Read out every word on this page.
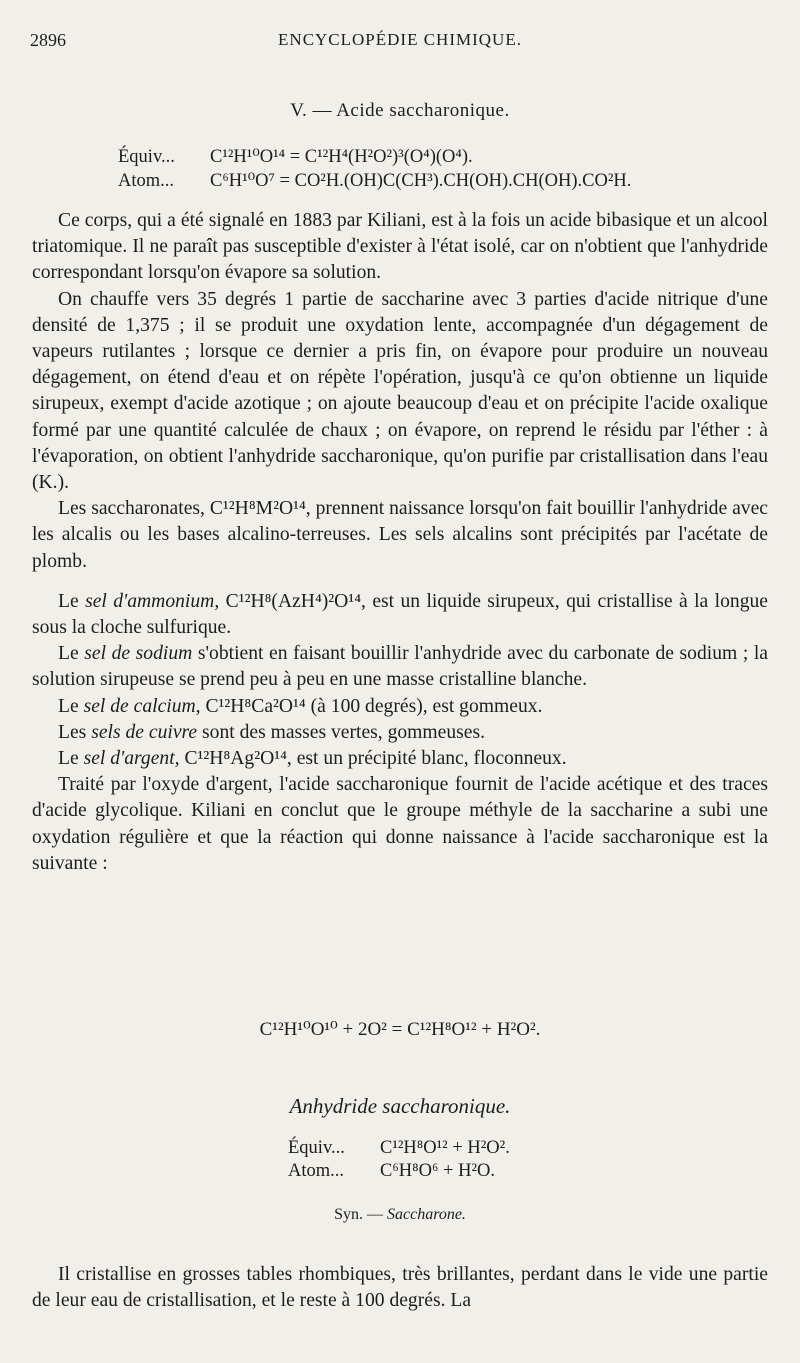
2896	ENCYCLOPÉDIE CHIMIQUE.
V. — Acide saccharonique.
Équiv... C¹²H¹⁰O¹⁴ = C¹²H⁴(H²O²)³(O⁴)(O⁴).
Atom... C⁶H¹⁰O⁷ = CO²H.(OH)C(CH³).CH(OH).CH(OH).CO²H.

Ce corps, qui a été signalé en 1883 par Kiliani, est à la fois un acide bibasique et un alcool triatomique. Il ne paraît pas susceptible d'exister à l'état isolé, car on n'obtient que l'anhydride correspondant lorsqu'on évapore sa solution.

On chauffe vers 35 degrés 1 partie de saccharine avec 3 parties d'acide nitrique d'une densité de 1,375 ; il se produit une oxydation lente, accompagnée d'un dégagement de vapeurs rutilantes ; lorsque ce dernier a pris fin, on évapore pour produire un nouveau dégagement, on étend d'eau et on répète l'opération, jusqu'à ce qu'on obtienne un liquide sirupeux, exempt d'acide azotique ; on ajoute beaucoup d'eau et on précipite l'acide oxalique formé par une quantité calculée de chaux ; on évapore, on reprend le résidu par l'éther : à l'évaporation, on obtient l'anhydride saccharonique, qu'on purifie par cristallisation dans l'eau (K.).

Les saccharonates, C¹²H⁸M²O¹⁴, prennent naissance lorsqu'on fait bouillir l'anhydride avec les alcalis ou les bases alcalino-terreuses. Les sels alcalins sont précipités par l'acétate de plomb.

Le sel d'ammonium, C¹²H⁸(AzH⁴)²O¹⁴, est un liquide sirupeux, qui cristallise à la longue sous la cloche sulfurique.

Le sel de sodium s'obtient en faisant bouillir l'anhydride avec du carbonate de sodium ; la solution sirupeuse se prend peu à peu en une masse cristalline blanche.

Le sel de calcium, C¹²H⁸Ca²O¹⁴ (à 100 degrés), est gommeux.

Les sels de cuivre sont des masses vertes, gommeuses.

Le sel d'argent, C¹²H⁸Ag²O¹⁴, est un précipité blanc, floconneux.

Traité par l'oxyde d'argent, l'acide saccharonique fournit de l'acide acétique et des traces d'acide glycolique. Kiliani en conclut que le groupe méthyle de la saccharine a subi une oxydation régulière et que la réaction qui donne naissance à l'acide saccharonique est la suivante :

C¹²H¹⁰O¹⁰ + 2O² = C¹²H⁸O¹² + H²O².
Anhydride saccharonique.
Équiv... C¹²H⁸O¹² + H²O².
Atom... C⁶H⁸O⁶ + H²O.
Syn. — Saccharone.

Il cristallise en grosses tables rhombiques, très brillantes, perdant dans le vide une partie de leur eau de cristallisation, et le reste à 100 degrés. La
